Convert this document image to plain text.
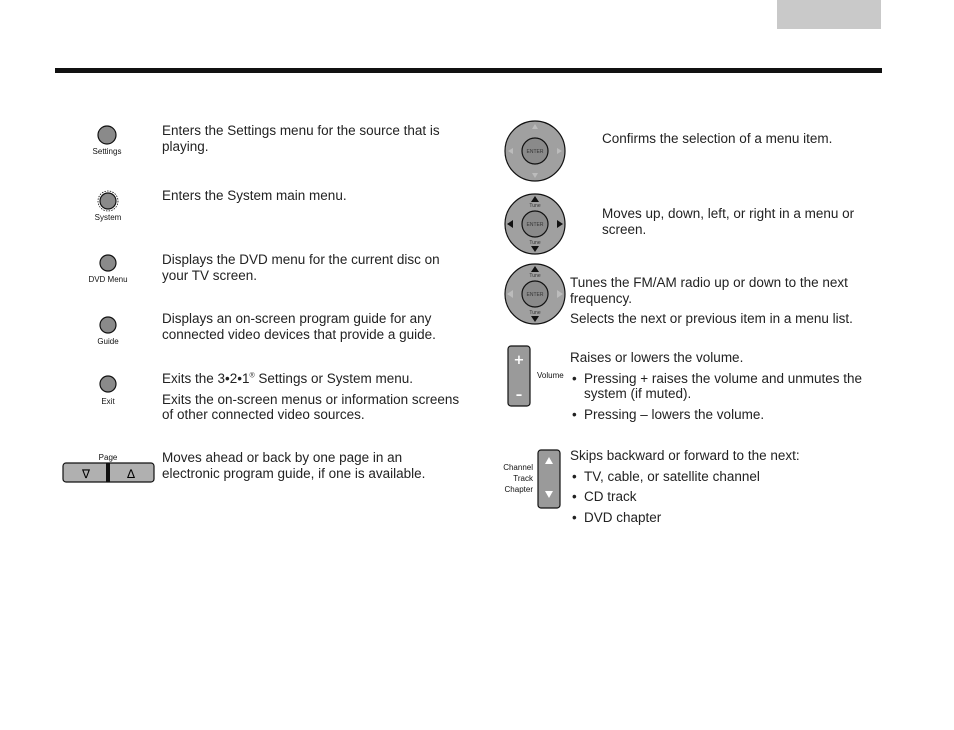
Settings

Enters the Settings menu for the source that is playing.

System

Enters the System main menu.

DVD Menu

Displays the DVD menu for the current disc on your TV screen.

Guide

Displays an on-screen program guide for any connected video devices that provide a guide.

Exit

Exits the 3•2•1® Settings or System menu.

Exits the on-screen menus or information screens of other connected video sources.

Page
∇	∆

Moves ahead or back by one page in an electronic program guide, if one is available.

ENTER

Confirms the selection of a menu item.

Tune
Tune
ENTER

Moves up, down, left, or right in a menu or screen.

Tune
Tune
ENTER

Tunes the FM/AM radio up or down to the next frequency.

Selects the next or previous item in a menu list.

+
–
Volume

Raises or lowers the volume.

• Pressing + raises the volume and unmutes the system (if muted).
• Pressing – lowers the volume.
Channel
Track
Chapter

Skips backward or forward to the next:

• TV, cable, or satellite channel
• CD track
• DVD chapter
